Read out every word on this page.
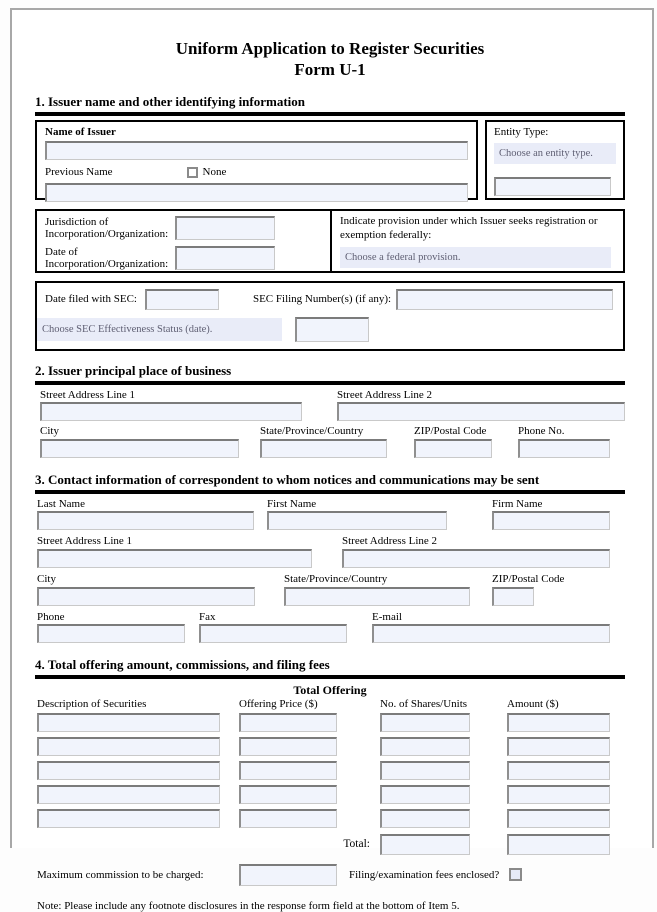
Uniform Application to Register Securities
Form U-1
1. Issuer name and other identifying information
Name of Issuer
Previous Name	None
Entity Type:
Choose an entity type.
Jurisdiction of Incorporation/Organization:
Date of Incorporation/Organization:
Indicate provision under which Issuer seeks registration or exemption federally:
Choose a federal provision.
Date filed with SEC:	SEC Filing Number(s) (if any):
Choose SEC Effectiveness Status (date).
2. Issuer principal place of business
Street Address Line 1	Street Address Line 2
City	State/Province/Country	ZIP/Postal Code	Phone No.
3. Contact information of correspondent to whom notices and communications may be sent
Last Name	First Name	Firm Name
Street Address Line 1	Street Address Line 2
City	State/Province/Country	ZIP/Postal Code
Phone	Fax	E-mail
4. Total offering amount, commissions, and filing fees
Total Offering
Description of Securities	Offering Price ($)	No. of Shares/Units	Amount ($)
Total:
Maximum commission to be charged:	Filing/examination fees enclosed?
Note: Please include any footnote disclosures in the response form field at the bottom of Item 5.
